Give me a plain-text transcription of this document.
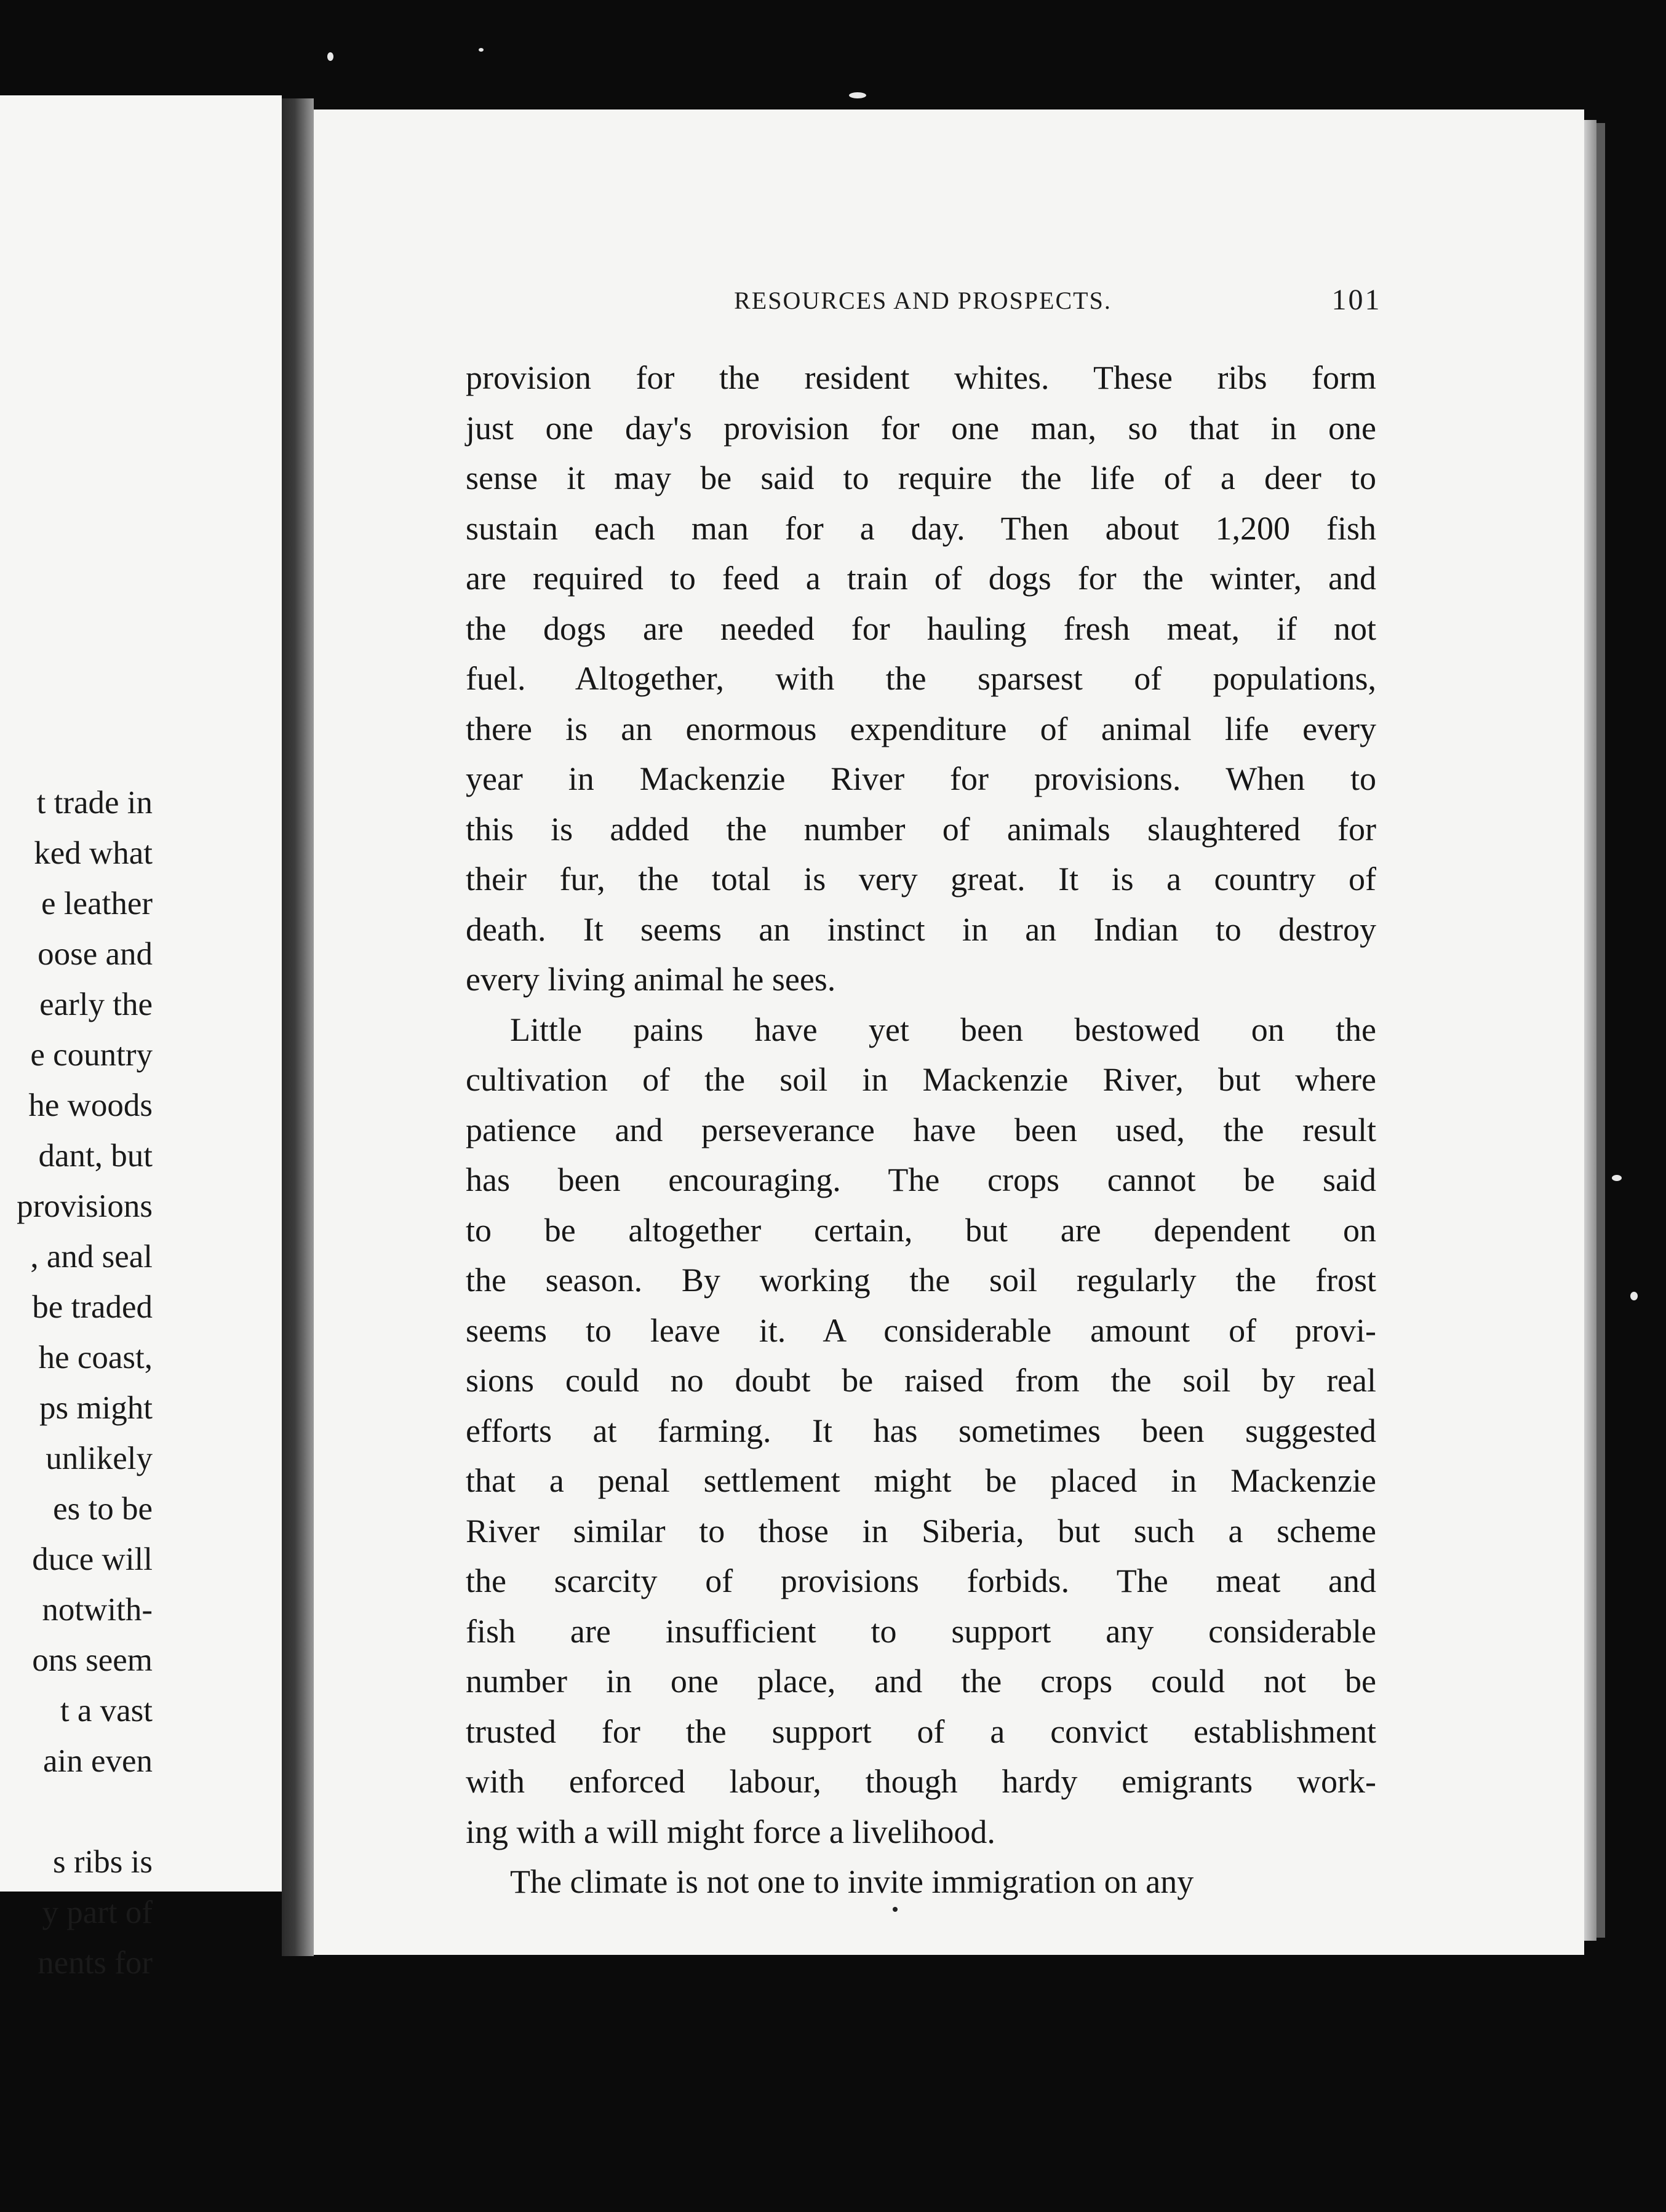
t trade in
ked what
e leather
oose and
early the
e country
he woods
dant, but
provisions
, and seal
be traded
he coast,
ps might
unlikely
es to be
duce will
notwith-
ons seem
t a vast
ain even
s ribs is
y part of
nents for
RESOURCES AND PROSPECTS.	101
provision for the resident whites. These ribs form
just one day's provision for one man, so that in one
sense it may be said to require the life of a deer to
sustain each man for a day. Then about 1,200 fish
are required to feed a train of dogs for the winter, and
the dogs are needed for hauling fresh meat, if not
fuel. Altogether, with the sparsest of populations,
there is an enormous expenditure of animal life every
year in Mackenzie River for provisions. When to
this is added the number of animals slaughtered for
their fur, the total is very great. It is a country of
death. It seems an instinct in an Indian to destroy
every living animal he sees.
Little pains have yet been bestowed on the
cultivation of the soil in Mackenzie River, but where
patience and perseverance have been used, the result
has been encouraging. The crops cannot be said
to be altogether certain, but are dependent on
the season. By working the soil regularly the frost
seems to leave it. A considerable amount of provi-
sions could no doubt be raised from the soil by real
efforts at farming. It has sometimes been suggested
that a penal settlement might be placed in Mackenzie
River similar to those in Siberia, but such a scheme
the scarcity of provisions forbids. The meat and
fish are insufficient to support any considerable
number in one place, and the crops could not be
trusted for the support of a convict establishment
with enforced labour, though hardy emigrants work-
ing with a will might force a livelihood.
The climate is not one to invite immigration on any
